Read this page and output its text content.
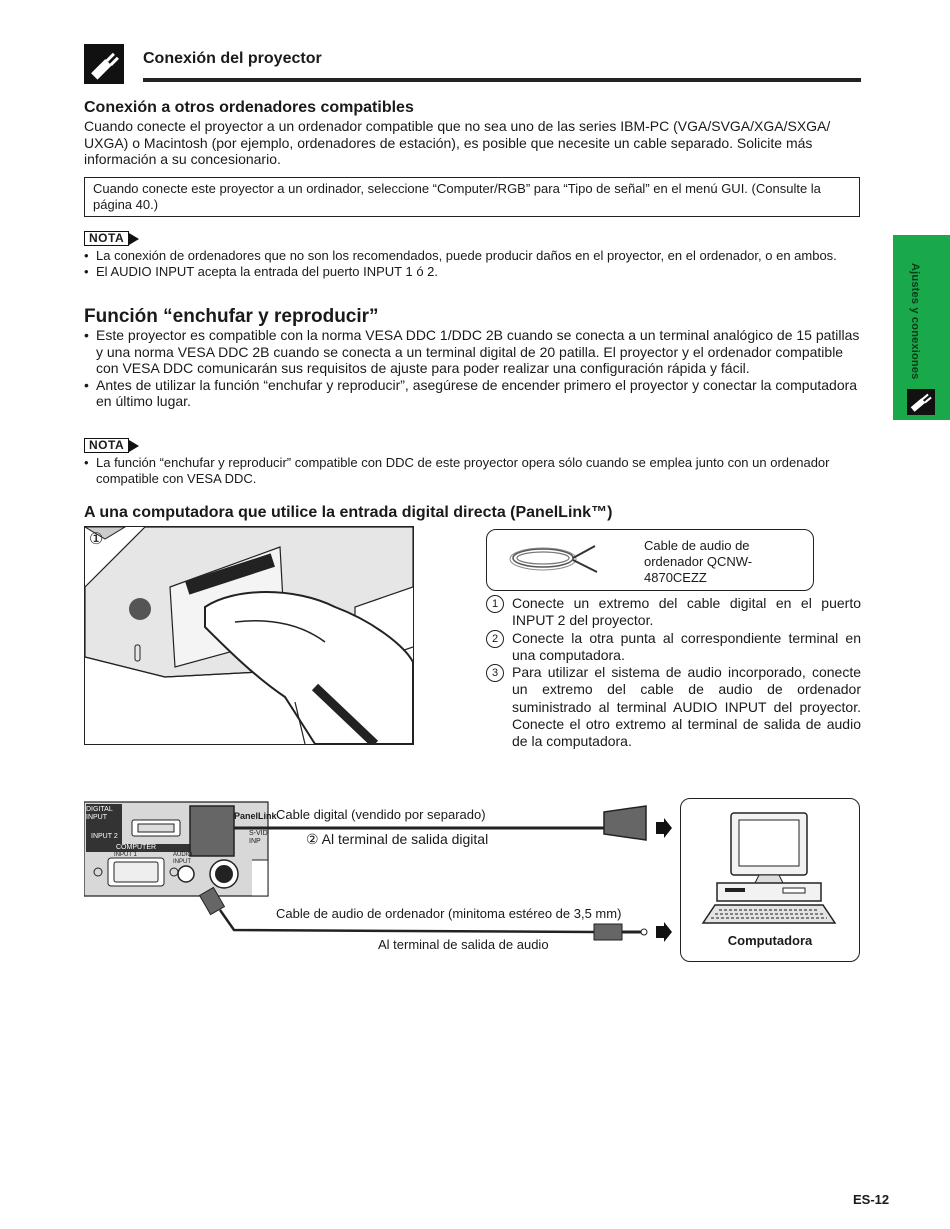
Conexión del proyector
Ajustes y conexiones
Conexión a otros ordenadores compatibles
Cuando conecte el proyector a un ordenador compatible que no sea uno de las series IBM-PC (VGA/SVGA/XGA/SXGA/ UXGA) o Macintosh (por ejemplo, ordenadores de estación), es posible que necesite un cable separado. Solicite más información a su concesionario.
Cuando conecte este proyector a un ordinador, seleccione “Computer/RGB” para “Tipo de señal” en el menú GUI. (Consulte la página 40.)
NOTA
• La conexión de ordenadores que no son los recomendados, puede producir daños en el proyector, en el ordenador, o en ambos.
• El AUDIO INPUT acepta la entrada del puerto INPUT 1 ó 2.
Función “enchufar y reproducir”
• Este proyector es compatible con la norma VESA DDC 1/DDC 2B cuando se conecta a un terminal analógico de 15 patillas y una norma VESA DDC 2B cuando se conecta a un terminal digital de 20 patilla. El proyector y el ordenador compatible con VESA DDC comunicarán sus requisitos de ajuste para poder realizar una configuración rápida y fácil.
• Antes de utilizar la función “enchufar y reproducir”, asegúrese de encender primero el proyector y conectar la computadora en último lugar.
NOTA
• La función “enchufar y reproducir” compatible con DDC de este proyector opera sólo cuando se emplea junto con un ordenador compatible con VESA DDC.
A una computadora que utilice la entrada digital directa (PanelLink™)
①	Cable de audio de ordenador QCNW-4870CEZZ
1 Conecte un extremo del cable digital en el puerto INPUT 2 del proyector.
2 Conecte la otra punta al correspondiente terminal en una computadora.
3 Para utilizar el sistema de audio incorporado, conecte un extremo del cable de audio de ordenador suministrado al terminal AUDIO INPUT del proyector. Conecte el otro extremo al terminal de salida de audio de la computadora.
DIGITAL INPUT
INPUT 2
COMPUTER
INPUT 1	AUDIO INPUT
PanelLink
S-VID INP
Cable digital (vendido por separado)
② Al terminal de salida digital
Cable de audio de ordenador (minitoma estéreo de 3,5 mm)
Al terminal de salida de audio	Computadora
ES-12
